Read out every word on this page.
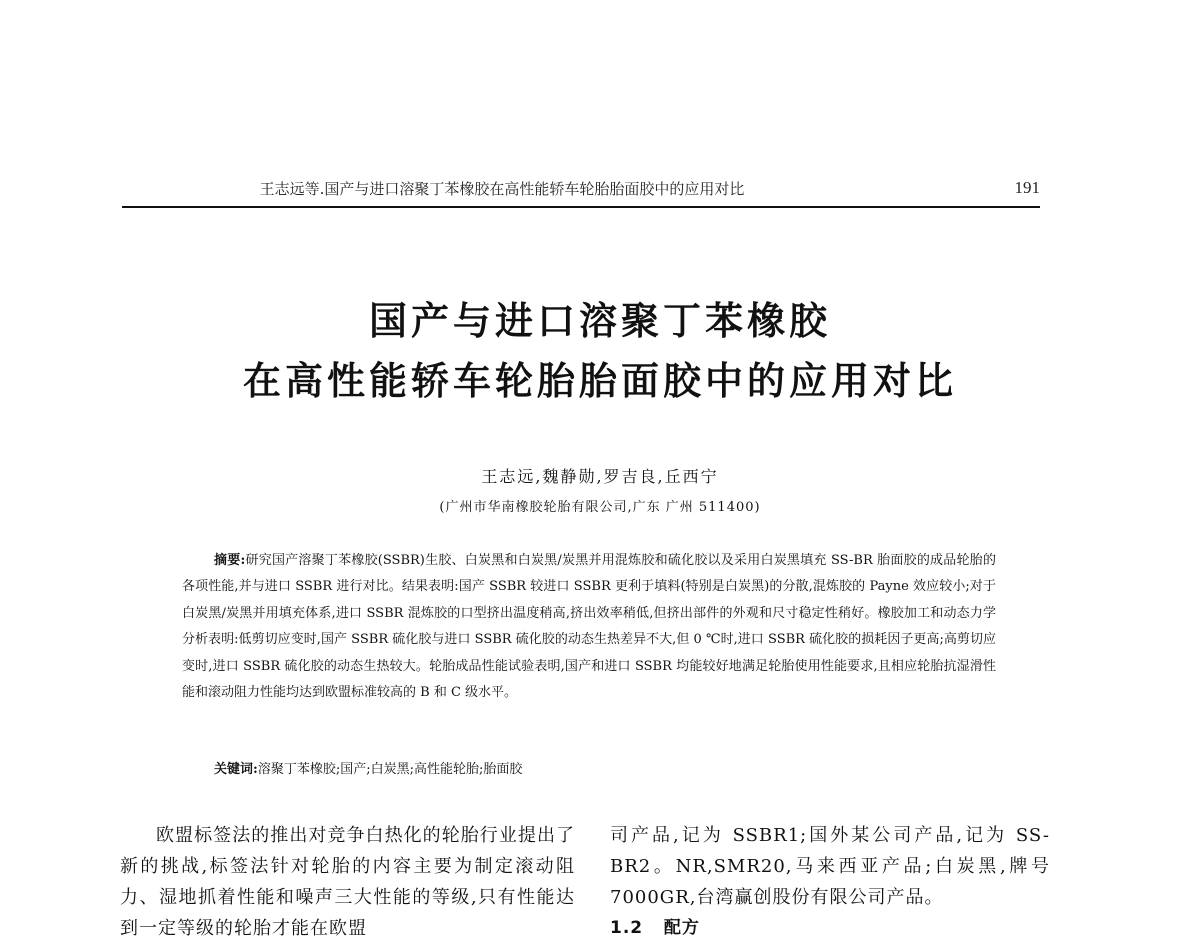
王志远等.国产与进口溶聚丁苯橡胶在高性能轿车轮胎胎面胶中的应用对比	191
国产与进口溶聚丁苯橡胶
在高性能轿车轮胎胎面胶中的应用对比
王志远,魏静勋,罗吉良,丘西宁
(广州市华南橡胶轮胎有限公司,广东 广州 511400)
摘要:研究国产溶聚丁苯橡胶(SSBR)生胶、白炭黑和白炭黑/炭黑并用混炼胶和硫化胶以及采用白炭黑填充 SS-BR 胎面胶的成品轮胎的各项性能,并与进口 SSBR 进行对比。结果表明:国产 SSBR 较进口 SSBR 更利于填料(特别是白炭黑)的分散,混炼胶的 Payne 效应较小;对于白炭黑/炭黑并用填充体系,进口 SSBR 混炼胶的口型挤出温度稍高,挤出效率稍低,但挤出部件的外观和尺寸稳定性稍好。橡胶加工和动态力学分析表明:低剪切应变时,国产 SSBR 硫化胶与进口 SSBR 硫化胶的动态生热差异不大,但 0 ℃时,进口 SSBR 硫化胶的损耗因子更高;高剪切应变时,进口 SSBR 硫化胶的动态生热较大。轮胎成品性能试验表明,国产和进口 SSBR 均能较好地满足轮胎使用性能要求,且相应轮胎抗湿滑性能和滚动阻力性能均达到欧盟标准较高的 B 和 C 级水平。
关键词:溶聚丁苯橡胶;国产;白炭黑;高性能轮胎;胎面胶

欧盟标签法的推出对竞争白热化的轮胎行业提出了新的挑战,标签法针对轮胎的内容主要为制定滚动阻力、湿地抓着性能和噪声三大性能的等级,只有性能达到一定等级的轮胎才能在欧盟

司产品,记为 SSBR1;国外某公司产品,记为 SS-BR2。NR,SMR20,马来西亚产品;白炭黑,牌号 7000GR,台湾赢创股份有限公司产品。

1.2 配方
